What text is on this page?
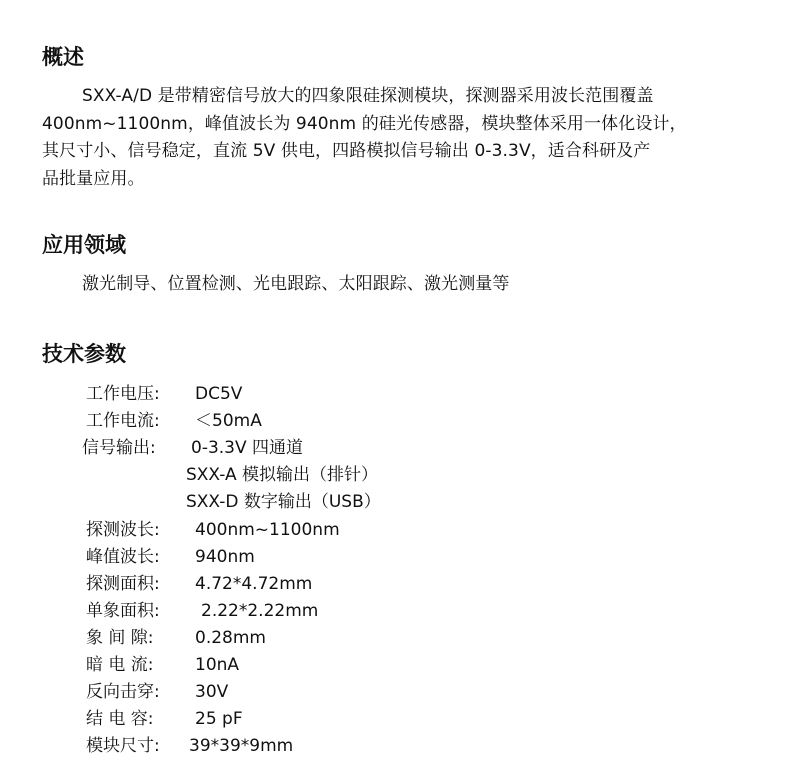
概述
SXX-A/D 是带精密信号放大的四象限硅探测模块，探测器采用波长范围覆盖
400nm~1100nm，峰值波长为 940nm 的硅光传感器，模块整体采用一体化设计，
其尺寸小、信号稳定，直流 5V 供电，四路模拟信号输出 0-3.3V，适合科研及产
品批量应用。
应用领域
激光制导、位置检测、光电跟踪、太阳跟踪、激光测量等
技术参数
工作电压: DC5V
工作电流: ＜50mA
信号输出: 0-3.3V 四通道
SXX-A 模拟输出（排针）
SXX-D 数字输出（USB）
探测波长: 400nm~1100nm
峰值波长: 940nm
探测面积: 4.72*4.72mm
单象面积: 2.22*2.22mm
象 间 隙: 0.28mm
暗 电 流: 10nA
反向击穿: 30V
结 电 容: 25 pF
模块尺寸: 39*39*9mm
